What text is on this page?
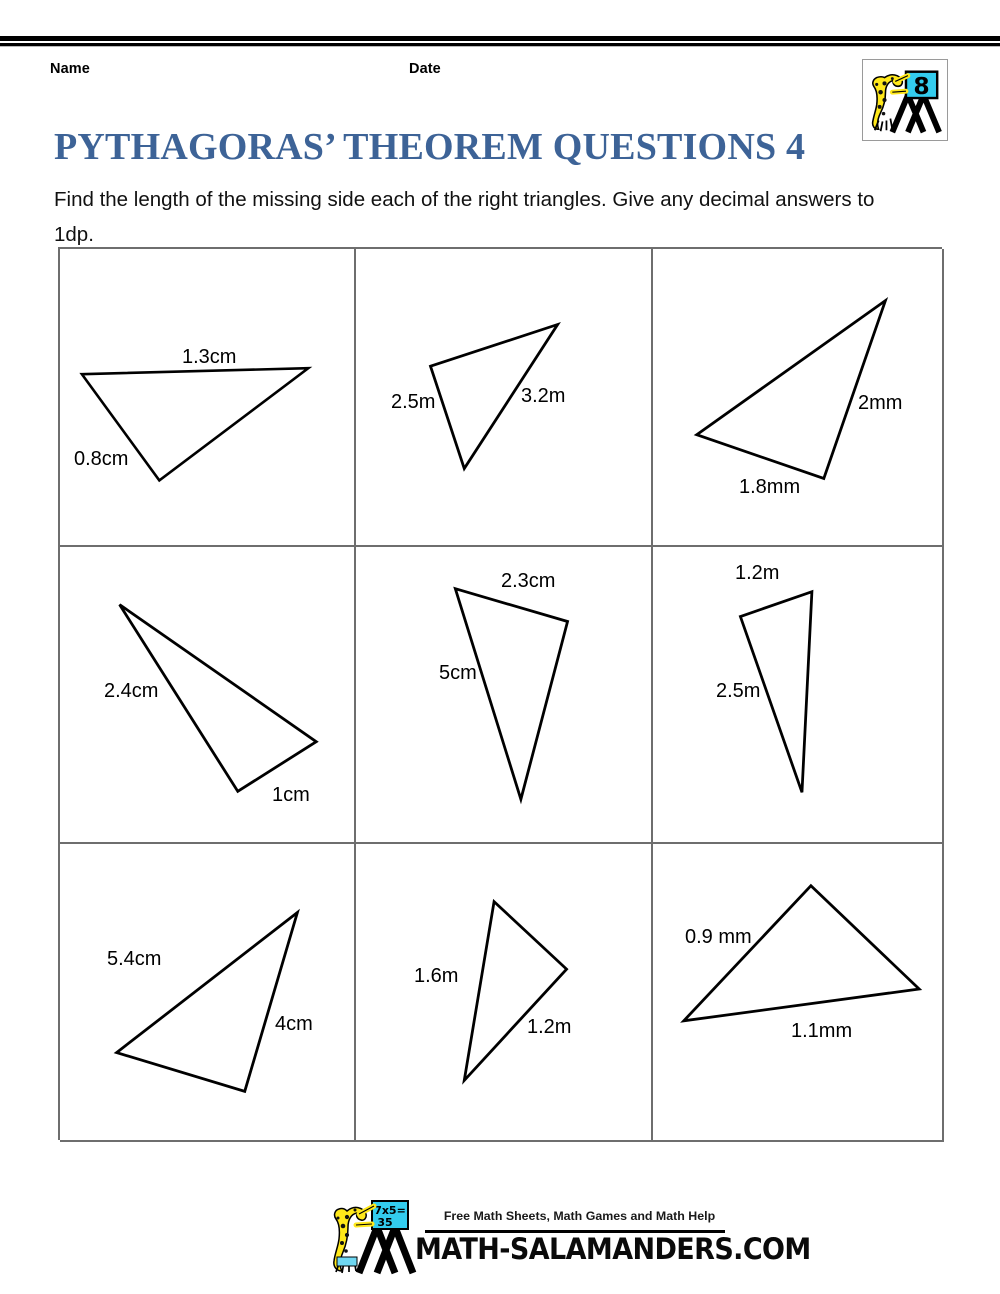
Name	Date
8
PYTHAGORAS’ THEOREM QUESTIONS 4

Find the length of the missing side each of the right triangles. Give any decimal answers to 1dp.

1.3cm
0.8cm
2.5m	3.2m	2mm
1.8mm
2.4cm
1cm
2.3cm
5cm
1.2m
2.5m
5.4cm
4cm
1.6m
1.2m
0.9 mm
1.1mm
7x5=
35	Free Math Sheets, Math Games and Math Help
MATH-SALAMANDERS.COM
